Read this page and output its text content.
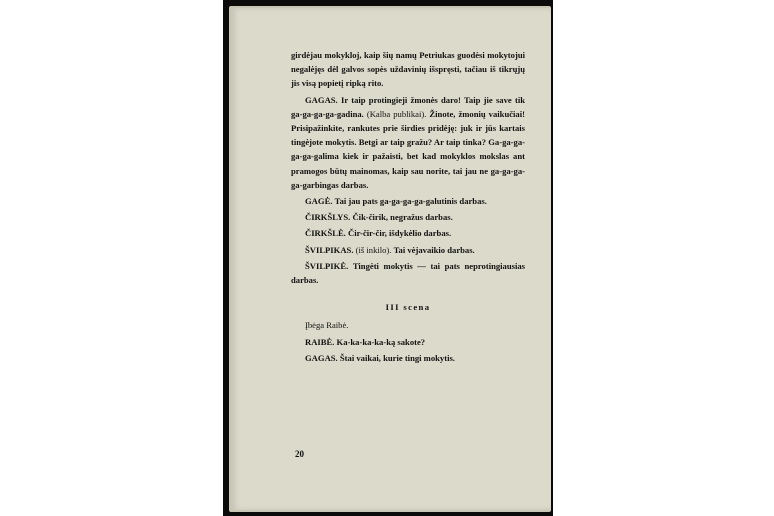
girdėjau mokykloj, kaip šių namų Petriukas guodėsi mokytojui negalėjęs dėl galvos sopės uždavinių išspręsti, tačiau iš tikrųjų jis visą popietį ripką rito.

GAGAS. Ir taip protingieji žmonės daro! Taip jie save tik ga-ga-ga-ga-gadina. (Kalba publikai). Žinote, žmonių vaikučiai! Prisipažinkite, rankutes prie širdies pridėję: juk ir jūs kartais tingėjote mokytis. Betgi ar taip gražu? Ar taip tinka? Ga-ga-ga-ga-ga-galima kiek ir pažaisti, bet kad mokyklos mokslas ant pramogos būtų mainomas, kaip sau norite, tai jau ne ga-ga-ga-ga-garbingas darbas.

GAGĖ. Tai jau pats ga-ga-ga-ga-galutinis darbas.

ČIRKŠLYS. Čik-čirik, negražus darbas.

ČIRKŠLĖ. Čir-čir-čir, išdykėlio darbas.

ŠVILPIKAS. (iš inkilo). Tai vėjavaikio darbas.

ŠVILPIKĖ. Tingėti mokytis — tai pats neprotingiausias darbas.

III scena

Įbėga Raibė.

RAIBĖ. Ka-ka-ka-ka-ką sakote?

GAGAS. Štai vaikai, kurie tingi mokytis.

20
